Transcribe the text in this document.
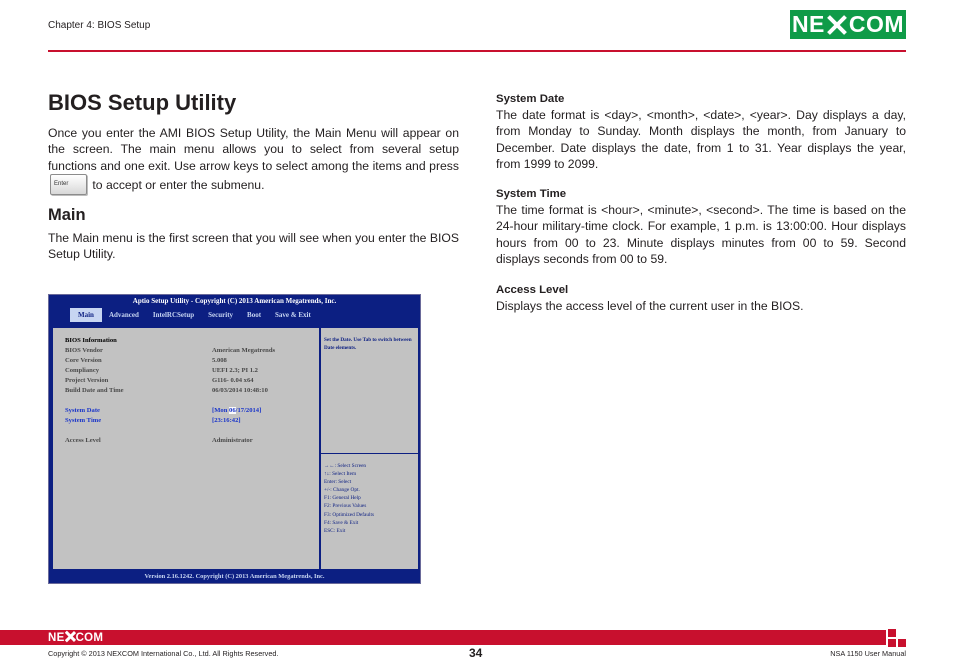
Chapter 4: BIOS Setup	NE COM
BIOS Setup Utility
Once you enter the AMI BIOS Setup Utility, the Main Menu will appear on the screen. The main menu allows you to select from several setup functions and one exit. Use arrow keys to select among the items and press
Enter to accept or enter the submenu.
Main
The Main menu is the first screen that you will see when you enter the BIOS Setup Utility.
Aptio Setup Utility - Copyright (C) 2013 American Megatrends, Inc.
Main	Advanced	IntelRCSetup	Security	Boot	Save & Exit
BIOS Information
BIOS Vendor	American Megatrends
Core Version	5.008
Compliancy	UEFI 2.3; PI 1.2
Project Version	G116- 0.04 x64
Build Date and Time	06/03/2014 10:48:10
System Date	[Mon 06/17/2014]
System Time	[23:16:42]
Access Level	Administrator
Set the Date. Use Tab to switch between Date elements.
→←: Select Screen
↑↓: Select Item
Enter: Select
+/-: Change Opt.
F1: General Help
F2: Previous Values
F3: Optimized Defaults
F4: Save & Exit
ESC: Exit
Version 2.16.1242. Copyright (C) 2013 American Megatrends, Inc.
System Date
The date format is <day>, <month>, <date>, <year>. Day displays a day, from Monday to Sunday. Month displays the month, from January to December. Date displays the date, from 1 to 31. Year displays the year, from 1999 to 2099.
System Time
The time format is <hour>, <minute>, <second>. The time is based on the 24-hour military-time clock. For example, 1 p.m. is 13:00:00. Hour displays hours from 00 to 23. Minute displays minutes from 00 to 59. Second displays seconds from 00 to 59.
Access Level
Displays the access level of the current user in the BIOS.
NE COM
Copyright © 2013 NEXCOM International Co., Ltd. All Rights Reserved.	34	NSA 1150 User Manual
